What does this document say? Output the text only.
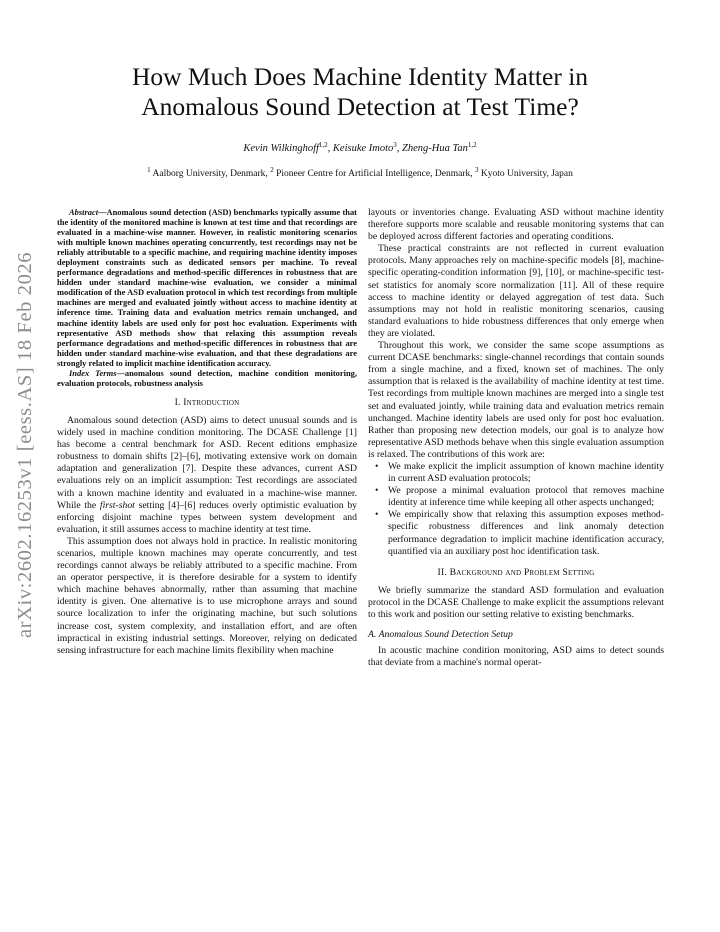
arXiv:2602.16253v1 [eess.AS] 18 Feb 2026
How Much Does Machine Identity Matter in
Anomalous Sound Detection at Test Time?
Kevin Wilkinghoff$^{1,2}$, Keisuke Imoto$^3$, Zheng-Hua Tan$^{1,2}$
$^1$ Aalborg University, Denmark, $^2$ Pioneer Centre for Artificial Intelligence, Denmark, $^3$ Kyoto University, Japan

Abstract—Anomalous sound detection (ASD) benchmarks typically assume that the identity of the monitored machine is known at test time and that recordings are evaluated in a machine-wise manner. However, in realistic monitoring scenarios with multiple known machines operating concurrently, test recordings may not be reliably attributable to a specific machine, and requiring machine identity imposes deployment constraints such as dedicated sensors per machine. To reveal performance degradations and method-specific differences in robustness that are hidden under standard machine-wise evaluation, we consider a minimal modification of the ASD evaluation protocol in which test recordings from multiple machines are merged and evaluated jointly without access to machine identity at inference time. Training data and evaluation metrics remain unchanged, and machine identity labels are used only for post hoc evaluation. Experiments with representative ASD methods show that relaxing this assumption reveals performance degradations and method-specific differences in robustness that are hidden under standard machine-wise evaluation, and that these degradations are strongly related to implicit machine identification accuracy.

Index Terms—anomalous sound detection, machine condition monitoring, evaluation protocols, robustness analysis

I. Introduction

Anomalous sound detection (ASD) aims to detect unusual sounds and is widely used in machine condition monitoring. The DCASE Challenge [1] has become a central benchmark for ASD. Recent editions emphasize robustness to domain shifts [2]–[6], motivating extensive work on domain adaptation and generalization [7]. Despite these advances, current ASD evaluations rely on an implicit assumption: Test recordings are associated with a known machine identity and evaluated in a machine-wise manner. While the first-shot setting [4]–[6] reduces overly optimistic evaluation by enforcing disjoint machine types between system development and evaluation, it still assumes access to machine identity at test time.

This assumption does not always hold in practice. In realistic monitoring scenarios, multiple known machines may operate concurrently, and test recordings cannot always be reliably attributed to a specific machine. From an operator perspective, it is therefore desirable for a system to identify which machine behaves abnormally, rather than assuming that machine identity is given. One alternative is to use microphone arrays and sound source localization to infer the originating machine, but such solutions increase cost, system complexity, and installation effort, and are often impractical in existing industrial settings. Moreover, relying on dedicated sensing infrastructure for each machine limits flexibility when machine

layouts or inventories change. Evaluating ASD without machine identity therefore supports more scalable and reusable monitoring systems that can be deployed across different factories and operating conditions.

These practical constraints are not reflected in current evaluation protocols. Many approaches rely on machine-specific models [8], machine-specific operating-condition information [9], [10], or machine-specific test-set statistics for anomaly score normalization [11]. All of these require access to machine identity or delayed aggregation of test data. Such assumptions may not hold in realistic monitoring scenarios, causing standard evaluations to hide robustness differences that only emerge when they are violated.

Throughout this work, we consider the same scope assumptions as current DCASE benchmarks: single-channel recordings that contain sounds from a single machine, and a fixed, known set of machines. The only assumption that is relaxed is the availability of machine identity at test time. Test recordings from multiple known machines are merged into a single test set and evaluated jointly, while training data and evaluation metrics remain unchanged. Machine identity labels are used only for post hoc evaluation. Rather than proposing new detection models, our goal is to analyze how representative ASD methods behave when this single evaluation assumption is relaxed. The contributions of this work are:

• We make explicit the implicit assumption of known machine identity in current ASD evaluation protocols;
• We propose a minimal evaluation protocol that removes machine identity at inference time while keeping all other aspects unchanged;
• We empirically show that relaxing this assumption exposes method-specific robustness differences and link anomaly detection performance degradation to implicit machine identification accuracy, quantified via an auxiliary post hoc identification task.
II. Background and Problem Setting

We briefly summarize the standard ASD formulation and evaluation protocol in the DCASE Challenge to make explicit the assumptions relevant to this work and position our setting relative to existing benchmarks.

A. Anomalous Sound Detection Setup

In acoustic machine condition monitoring, ASD aims to detect sounds that deviate from a machine's normal operat-
